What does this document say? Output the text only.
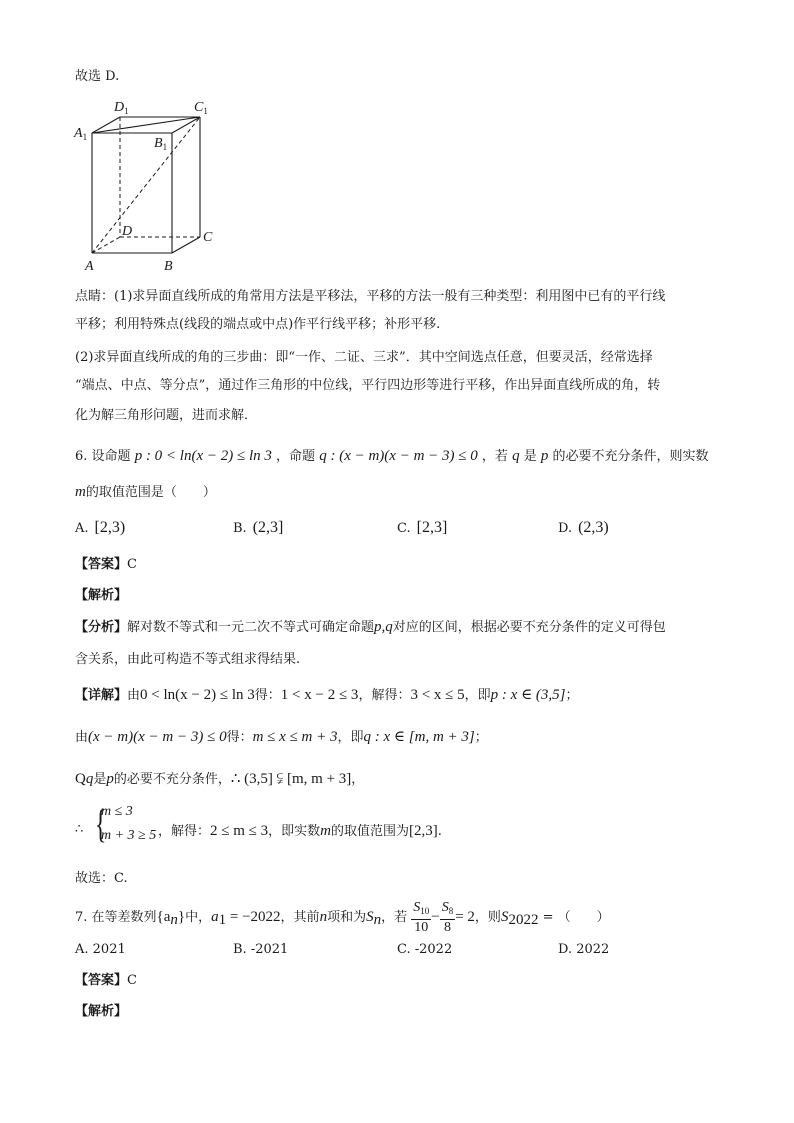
故选 D.
$D_1$	$C_1$
$A_1$	$B_1$
D	C
A	B
点睛：(1)求异面直线所成的角常用方法是平移法，平移的方法一般有三种类型：利用图中已有的平行线
平移；利用特殊点(线段的端点或中点)作平行线平移；补形平移.
(2)求异面直线所成的角的三步曲：即“一作、二证、三求”．其中空间选点任意，但要灵活，经常选择
“端点、中点、等分点”，通过作三角形的中位线，平行四边形等进行平移，作出异面直线所成的角，转
化为解三角形问题，进而求解．
6. 设命题 p : 0 < ln(x − 2) ≤ ln 3 ，命题 q : (x − m)(x − m − 3) ≤ 0 ，若 q 是 p 的必要不充分条件，则实数
m的取值范围是（　　）
A. [2,3)	B. (2,3]	C. [2,3]	D. (2,3)
【答案】C
【解析】
【分析】解对数不等式和一元二次不等式可确定命题p,q对应的区间，根据必要不充分条件的定义可得包
含关系，由此可构造不等式组求得结果.
【详解】由0 < ln(x − 2) ≤ ln 3得：1 < x − 2 ≤ 3，解得：3 < x ≤ 5，即p : x ∈ (3,5]；
由(x − m)(x − m − 3) ≤ 0得：m ≤ x ≤ m + 3，即q : x ∈ [m, m + 3]；
Qq是p的必要不充分条件，∴ (3,5] ⫋ [m, m + 3]，
∴ {
m ≤ 3
m + 3 ≥ 5 ，解得：2 ≤ m ≤ 3，即实数m的取值范围为[2,3].
故选：C.
7. 在等差数列$\{a_n\}$中，$a_1 = -2022$，其前n项和为$S_n$，若 $\frac{S_{10}}{10} - \frac{S_8}{8} = 2$，则$S_{2022}$ = （　　）
A. 2021	B. -2021	C. -2022	D. 2022
【答案】C
【解析】
